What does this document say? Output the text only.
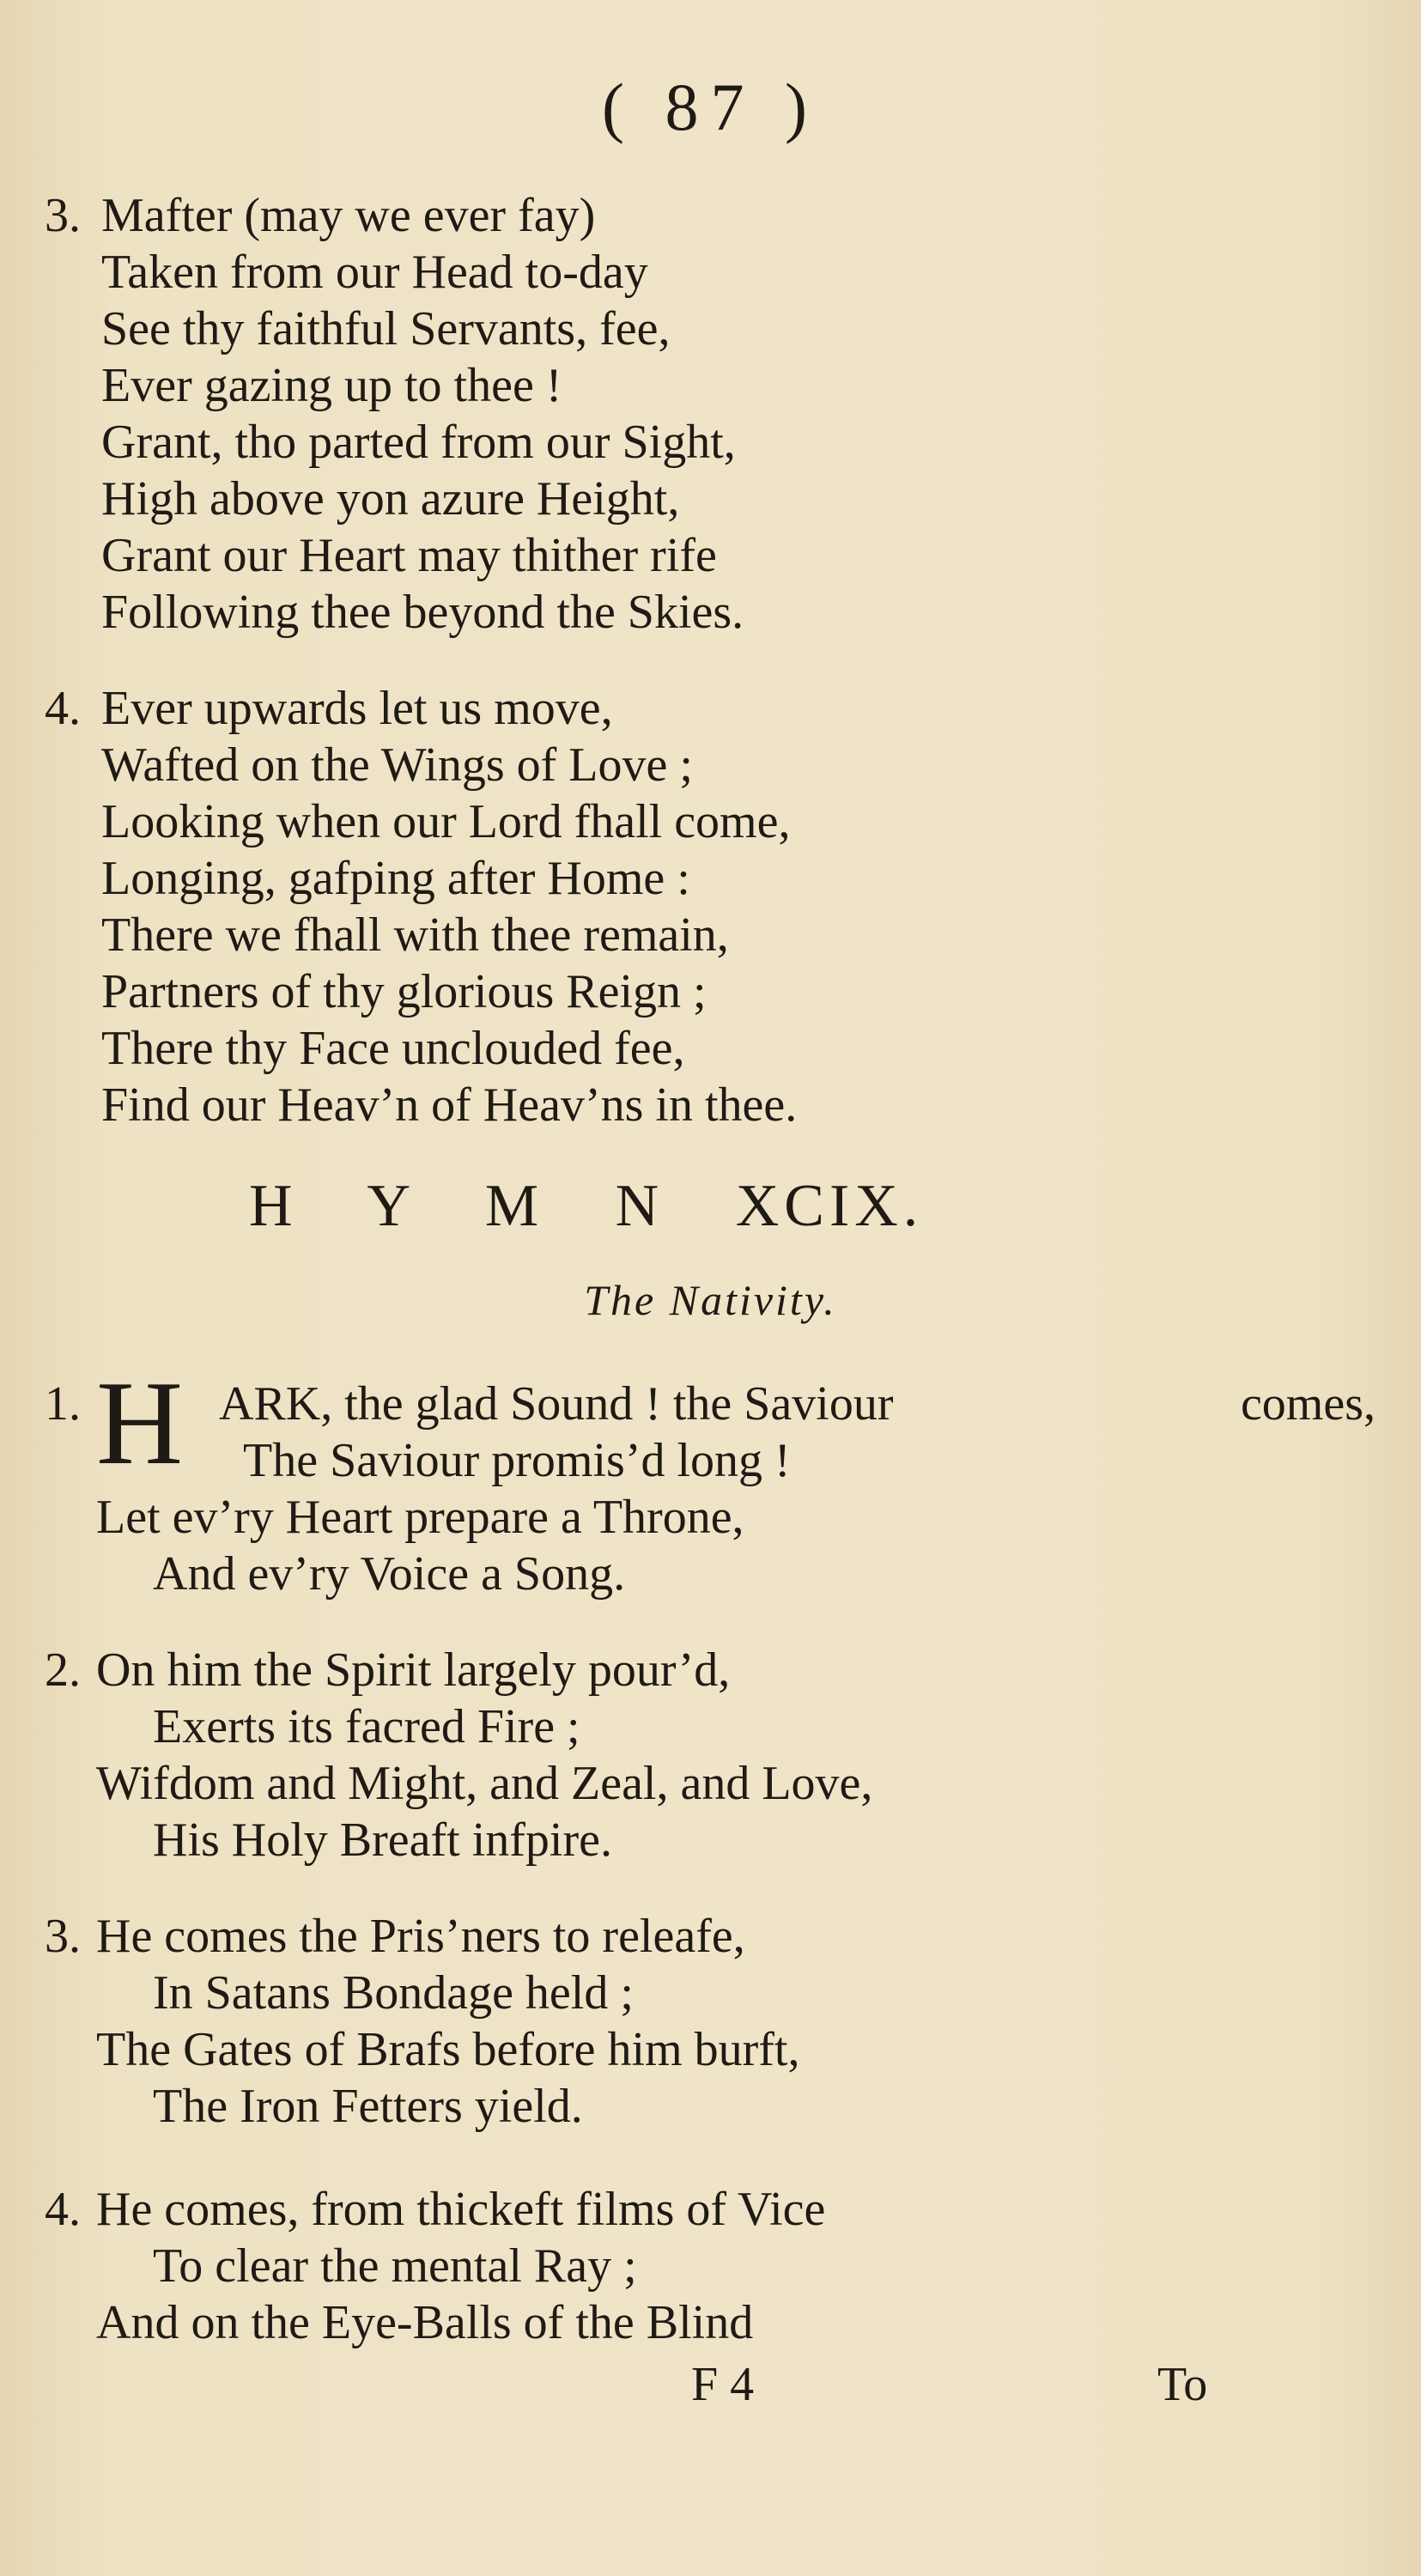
( 87 )
3. Mafter (may we ever fay)
Taken from our Head to-day
See thy faithful Servants, fee,
Ever gazing up to thee !
Grant, tho parted from our Sight,
High above yon azure Height,
Grant our Heart may thither rife
Following thee beyond the Skies.
4. Ever upwards let us move,
Wafted on the Wings of Love ;
Looking when our Lord fhall come,
Longing, gafping after Home :
There we fhall with thee remain,
Partners of thy glorious Reign ;
There thy Face unclouded fee,
Find our Heav’n of Heav’ns in thee.
H Y M N XCIX.
The Nativity.
H
1.	ARK, the glad Sound ! the Saviour	comes,
The Saviour promis’d long !
Let ev’ry Heart prepare a Throne,
And ev’ry Voice a Song.
2. On him the Spirit largely pour’d,
Exerts its facred Fire ;
Wifdom and Might, and Zeal, and Love,
His Holy Breaft infpire.
3. He comes the Pris’ners to releafe,
In Satans Bondage held ;
The Gates of Brafs before him burft,
The Iron Fetters yield.
4. He comes, from thickeft films of Vice
To clear the mental Ray ;
And on the Eye-Balls of the Blind
F 4	To
